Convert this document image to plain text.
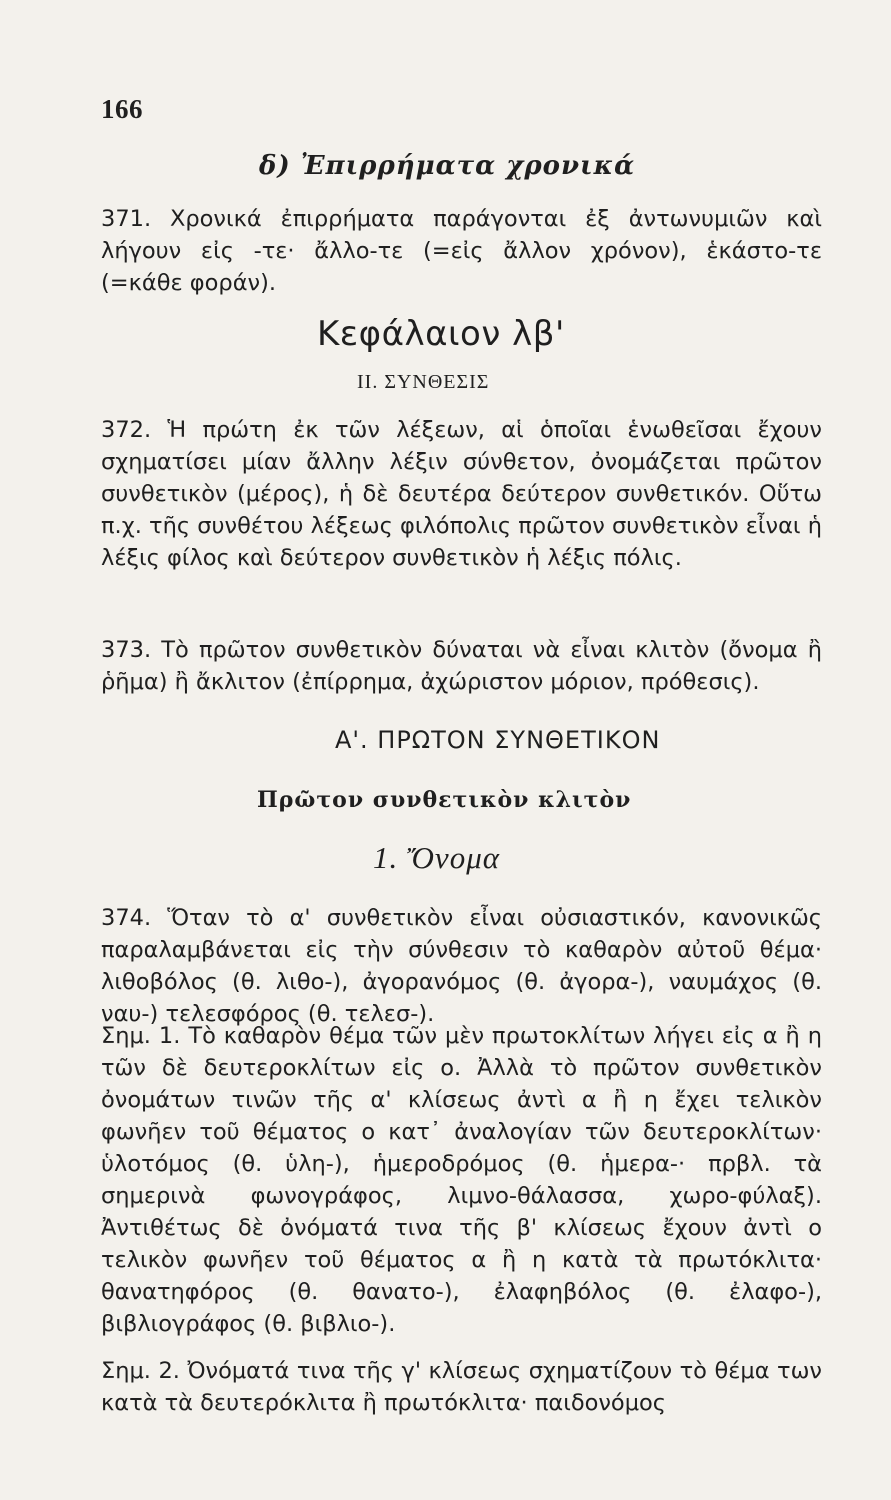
166
δ) Ἐπιρρήματα χρονικά
371. Χρονικά ἐπιρρήματα παράγονται ἐξ ἀντωνυμιῶν καὶ λήγουν εἰς -τε· ἄλλο-τε (=εἰς ἄλλον χρόνον), ἑκάστο-τε (=κάθε φοράν).
Κεφάλαιον λβ'
ΙΙ. ΣΥΝΘΕΣΙΣ
372. Ἡ πρώτη ἐκ τῶν λέξεων, αἱ ὁποῖαι ἑνωθεῖσαι ἔχουν σχηματίσει μίαν ἄλλην λέξιν σύνθετον, ὀνομάζεται πρῶτον συνθετικὸν (μέρος), ἡ δὲ δευτέρα δεύτερον συνθετικόν. Οὕτω π.χ. τῆς συνθέτου λέξεως φιλόπολις πρῶτον συνθετικὸν εἶναι ἡ λέξις φίλος καὶ δεύτερον συνθετικὸν ἡ λέξις πόλις.
373. Τὸ πρῶτον συνθετικὸν δύναται νὰ εἶναι κλιτὸν (ὄνομα ἢ ῥῆμα) ἢ ἄκλιτον (ἐπίρρημα, ἀχώριστον μόριον, πρόθεσις).
Α'. ΠΡΩΤΟΝ ΣΥΝΘΕΤΙΚΟΝ
Πρῶτον συνθετικὸν κλιτὸν
1. Ὄνομα
374. Ὅταν τὸ α' συνθετικὸν εἶναι οὐσιαστικόν, κανονικῶς παραλαμβάνεται εἰς τὴν σύνθεσιν τὸ καθαρὸν αὐτοῦ θέμα· λιθοβόλος (θ. λιθο-), ἀγορανόμος (θ. ἀγορα-), ναυμάχος (θ. ναυ-) τελεσφόρος (θ. τελεσ-).
Σημ. 1. Τὸ καθαρὸν θέμα τῶν μὲν πρωτοκλίτων λήγει εἰς α ἢ η τῶν δὲ δευτεροκλίτων εἰς ο. Ἀλλὰ τὸ πρῶτον συνθετικὸν ὀνομάτων τινῶν τῆς α' κλίσεως ἀντὶ α ἢ η ἔχει τελικὸν φωνῆεν τοῦ θέματος ο κατ᾽ ἀναλογίαν τῶν δευτεροκλίτων· ὑλοτόμος (θ. ὑλη-), ἡμεροδρόμος (θ. ἡμερα-· πρβλ. τὰ σημερινὰ φωνογράφος, λιμνο-θάλασσα, χωρο-φύλαξ). Ἀντιθέτως δὲ ὀνόματά τινα τῆς β' κλίσεως ἔχουν ἀντὶ ο τελικὸν φωνῆεν τοῦ θέματος α ἢ η κατὰ τὰ πρωτόκλιτα· θανατηφόρος (θ. θανατο-), ἐλαφηβόλος (θ. ἐλαφο-), βιβλιογράφος (θ. βιβλιο-).
Σημ. 2. Ὀνόματά τινα τῆς γ' κλίσεως σχηματίζουν τὸ θέμα των κατὰ τὰ δευτερόκλιτα ἢ πρωτόκλιτα· παιδονόμος
